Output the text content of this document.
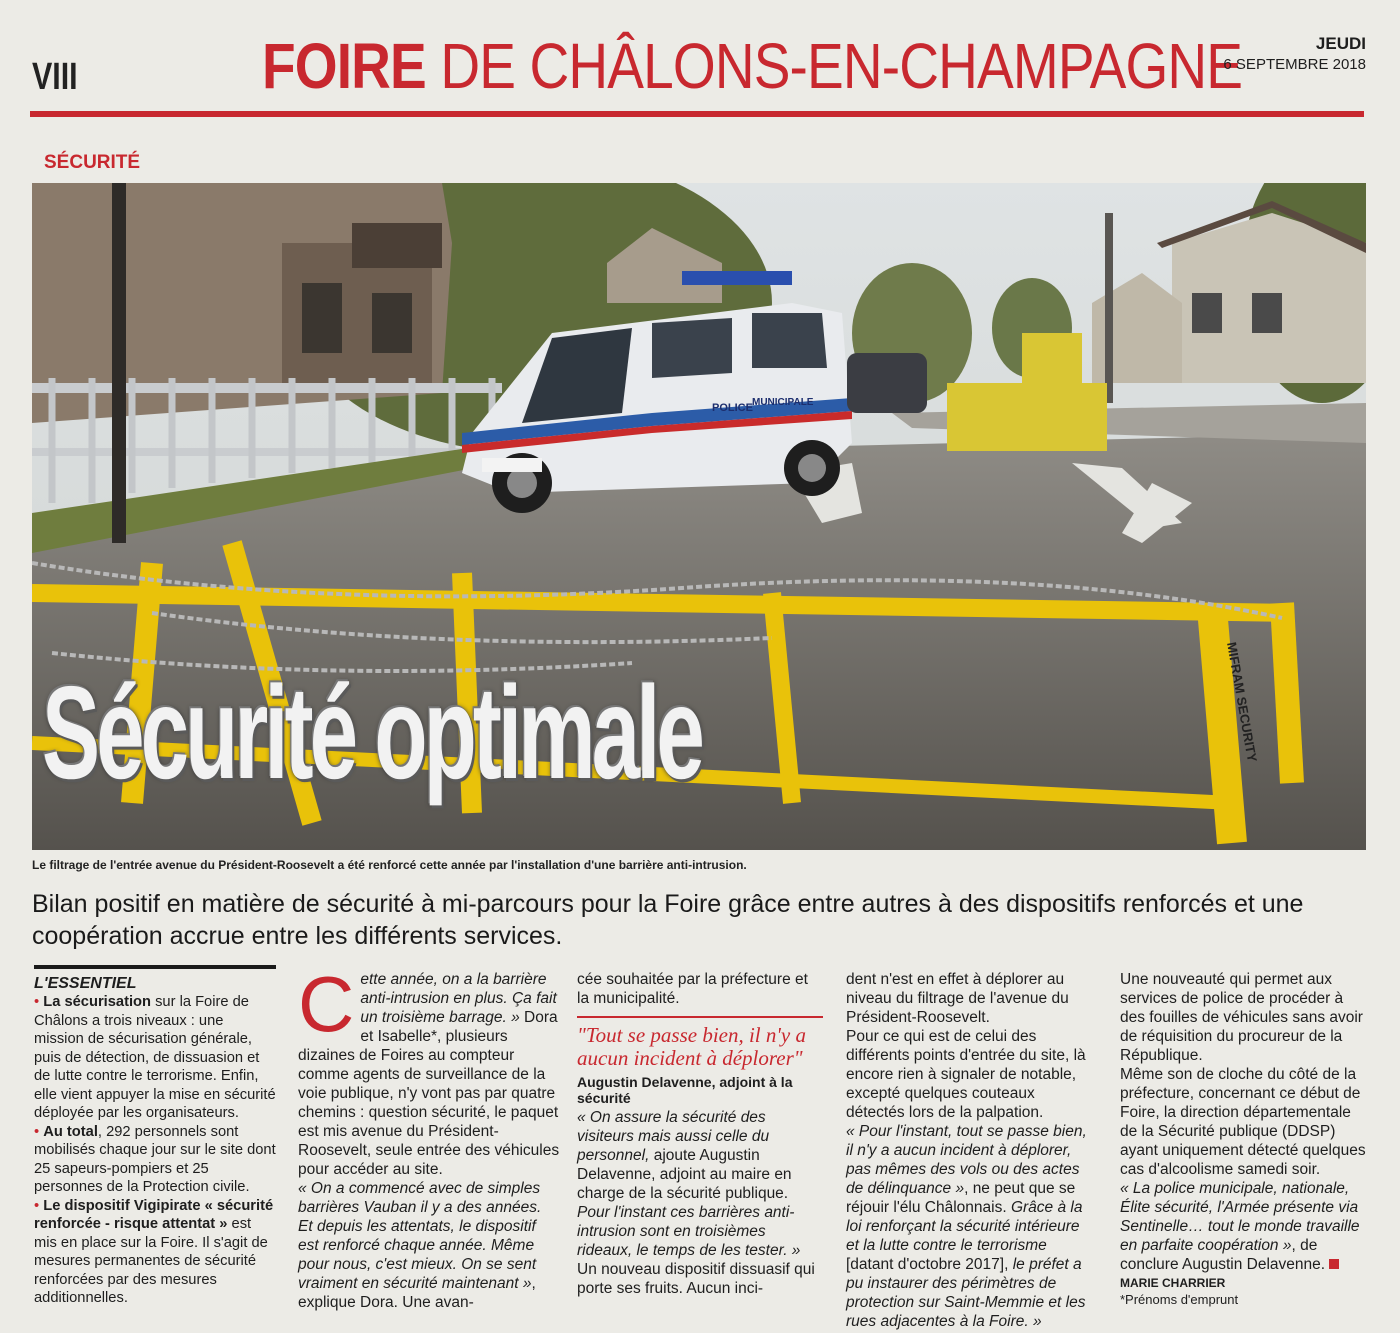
VIII	FOIRE DE CHÂLONS-EN-CHAMPAGNE	JEUDI
6 SEPTEMBRE 2018
SÉCURITÉ
POLICE MUNICIPALE
MIFRAM SECURITY
Sécurité optimale
Le filtrage de l'entrée avenue du Président-Roosevelt a été renforcé cette année par l'installation d'une barrière anti-intrusion.
Bilan positif en matière de sécurité à mi-parcours pour la Foire grâce entre autres à des dispositifs renforcés et une coopération accrue entre les différents services.
L'ESSENTIEL

• La sécurisation sur la Foire de Châlons a trois niveaux : une mission de sécurisation générale, puis de détection, de dissuasion et de lutte contre le terrorisme. Enfin, elle vient appuyer la mise en sécurité déployée par les organisateurs.

• Au total, 292 personnels sont mobilisés chaque jour sur le site dont 25 sapeurs-pompiers et 25 personnes de la Protection civile.

• Le dispositif Vigipirate « sécurité renforcée - risque attentat » est mis en place sur la Foire. Il s'agit de mesures permanentes de sécurité renforcées par des mesures additionnelles.

Cette année, on a la barrière anti-intrusion en plus. Ça fait un troisième barrage. » Dora et Isabelle*, plusieurs dizaines de Foires au compteur comme agents de surveillance de la voie publique, n'y vont pas par quatre chemins : question sécurité, le paquet est mis avenue du Président-Roosevelt, seule entrée des véhicules pour accéder au site.

« On a commencé avec de simples barrières Vauban il y a des années. Et depuis les attentats, le dispositif est renforcé chaque année. Même pour nous, c'est mieux. On se sent vraiment en sécurité maintenant », explique Dora. Une avan-

cée souhaitée par la préfecture et la municipalité.

"Tout se passe bien, il n'y a aucun incident à déplorer"
Augustin Delavenne, adjoint à la sécurité

« On assure la sécurité des visiteurs mais aussi celle du personnel, ajoute Augustin Delavenne, adjoint au maire en charge de la sécurité publique. Pour l'instant ces barrières anti-intrusion sont en troisièmes rideaux, le temps de les tester. »

Un nouveau dispositif dissuasif qui porte ses fruits. Aucun inci-

dent n'est en effet à déplorer au niveau du filtrage de l'avenue du Président-Roosevelt.

Pour ce qui est de celui des différents points d'entrée du site, là encore rien à signaler de notable, excepté quelques couteaux détectés lors de la palpation.

« Pour l'instant, tout se passe bien, il n'y a aucun incident à déplorer, pas mêmes des vols ou des actes de délinquance », ne peut que se réjouir l'élu Châlonnais. Grâce à la loi renforçant la sécurité intérieure et la lutte contre le terrorisme [datant d'octobre 2017], le préfet a pu instaurer des périmètres de protection sur Saint-Memmie et les rues adjacentes à la Foire. »

Une nouveauté qui permet aux services de police de procéder à des fouilles de véhicules sans avoir de réquisition du procureur de la République.

Même son de cloche du côté de la préfecture, concernant ce début de Foire, la direction départementale de la Sécurité publique (DDSP) ayant uniquement détecté quelques cas d'alcoolisme samedi soir.

« La police municipale, nationale, Élite sécurité, l'Armée présente via Sentinelle… tout le monde travaille en parfaite coopération », de conclure Augustin Delavenne.

MARIE CHARRIER
*Prénoms d'emprunt
